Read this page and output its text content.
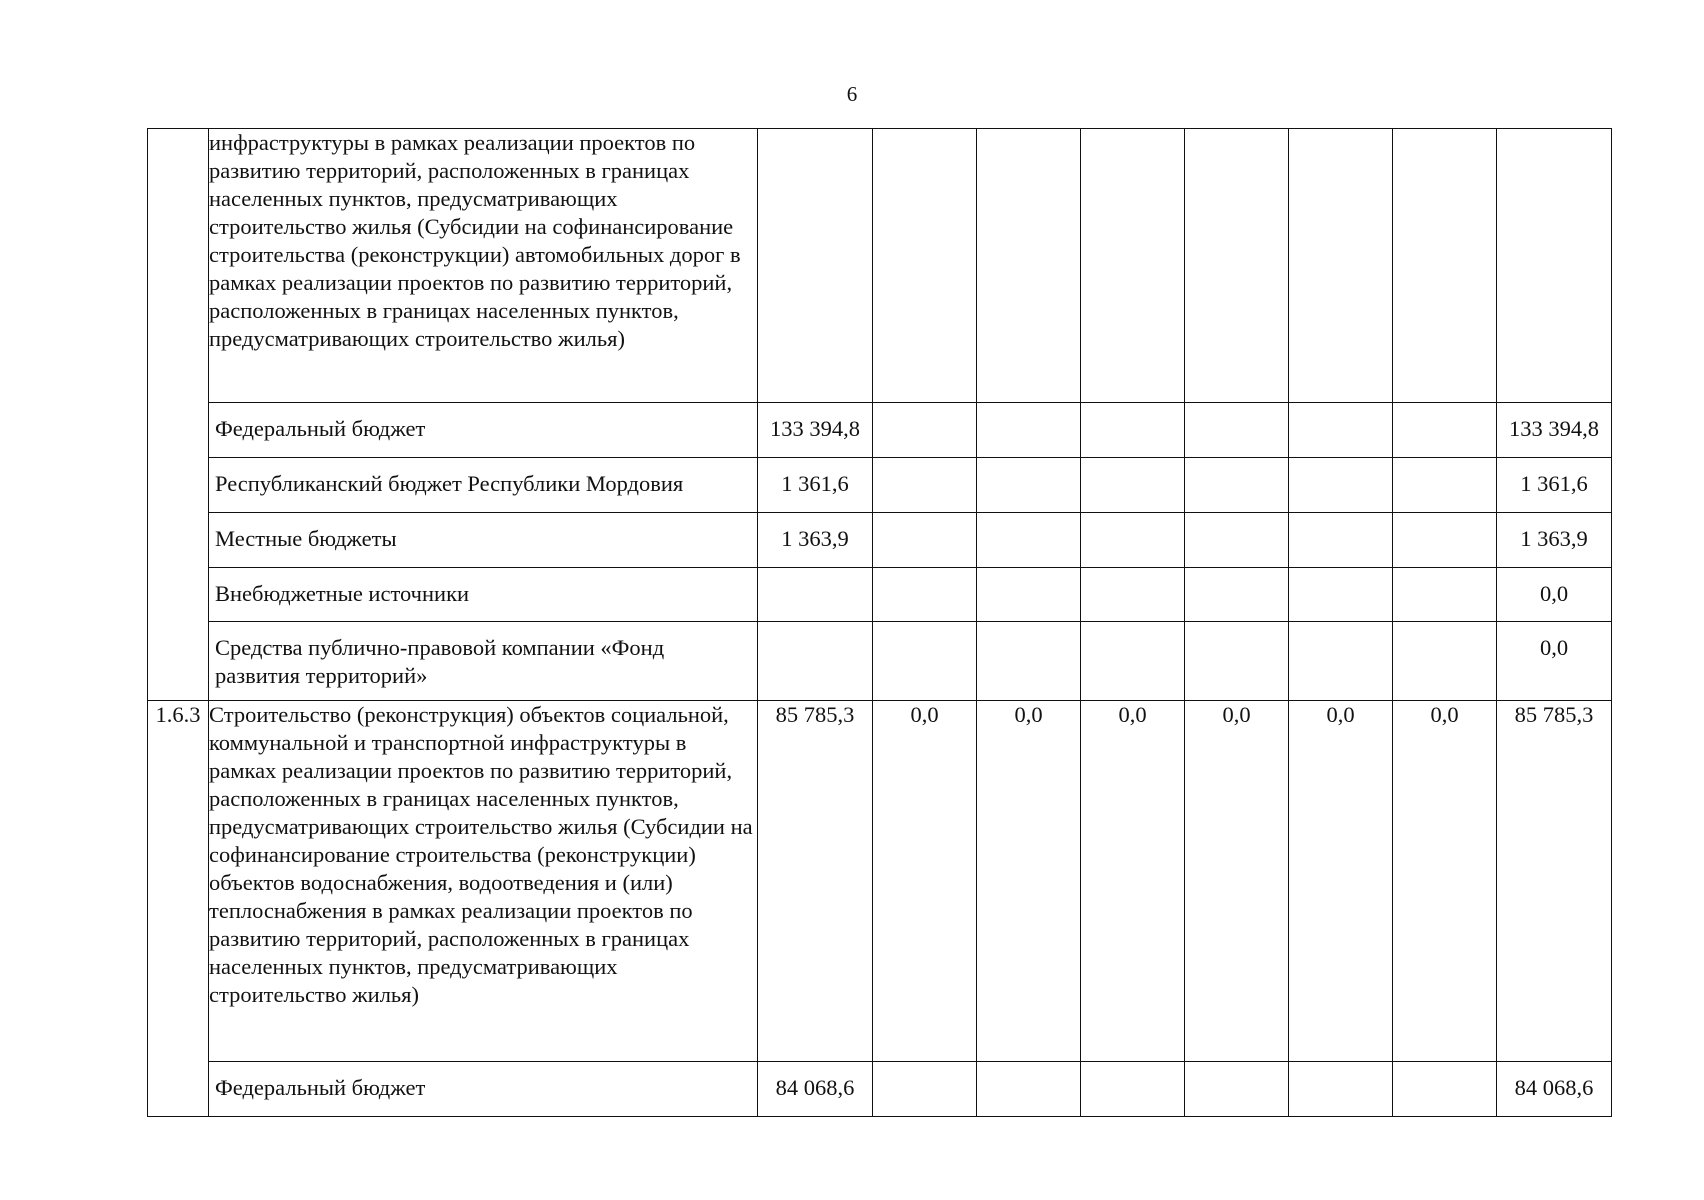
6
	инфраструктуры в рамках реализации проектов по развитию территорий, расположенных в границах населенных пунктов, предусматривающих строительство жилья (Субсидии на софинансирование строительства (реконструкции) автомобильных дорог в рамках реализации проектов по развитию территорий, расположенных в границах населенных пунктов, предусматривающих строительство жилья)								
	Федеральный бюджет	133 394,8							133 394,8
	Республиканский бюджет Республики Мордовия	1 361,6							1 361,6
	Местные бюджеты	1 363,9							1 363,9
	Внебюджетные источники								0,0
	Средства публично-правовой компании «Фонд развития территорий»								0,0
1.6.3	Строительство (реконструкция) объектов социальной, коммунальной и транспортной инфраструктуры в рамках реализации проектов по развитию территорий, расположенных в границах населенных пунктов, предусматривающих строительство жилья (Субсидии на софинансирование строительства (реконструкции) объектов водоснабжения, водоотведения и (или) теплоснабжения в рамках реализации проектов по развитию территорий, расположенных в границах населенных пунктов, предусматривающих строительство жилья)	85 785,3	0,0	0,0	0,0	0,0	0,0	0,0	85 785,3
	Федеральный бюджет	84 068,6							84 068,6
